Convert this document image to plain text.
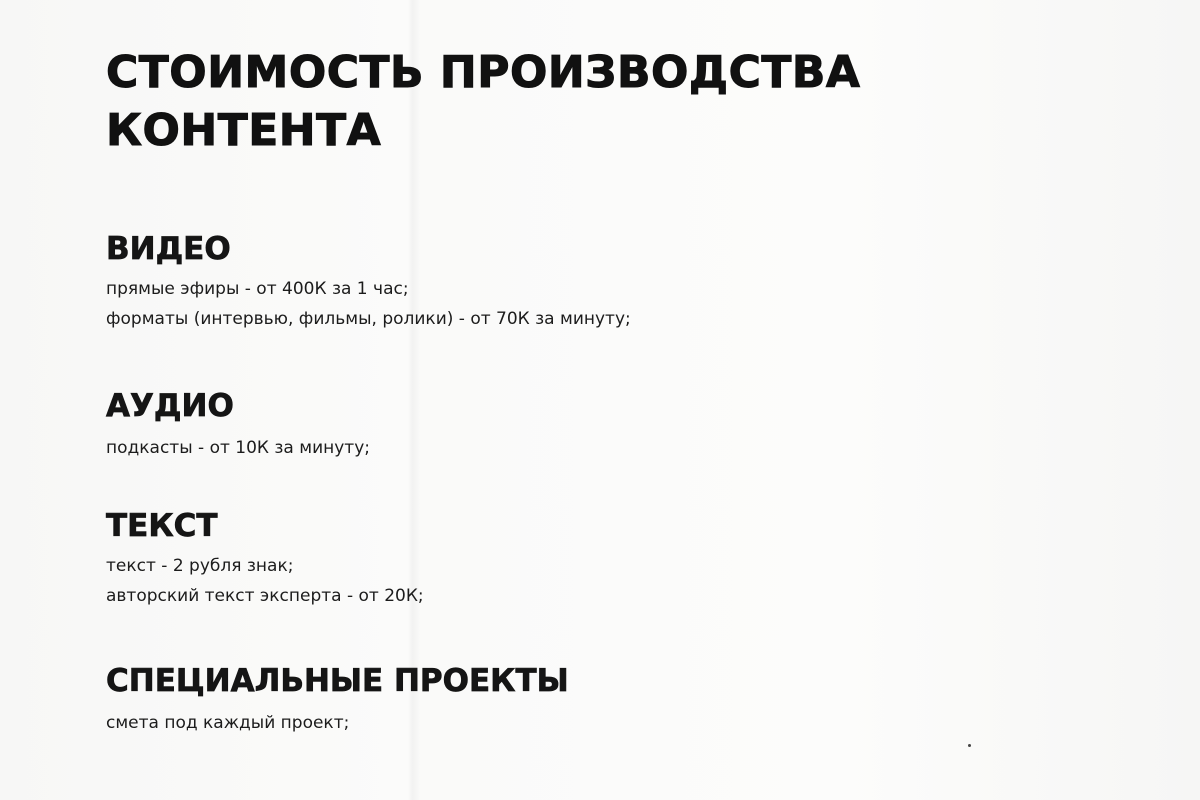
СТОИМОСТЬ ПРОИЗВОДСТВА
КОНТЕНТА
ВИДЕО

прямые эфиры - от 400К за 1 час;

форматы (интервью, фильмы, ролики) - от 70К за минуту;

АУДИО

подкасты - от 10К за минуту;

ТЕКСТ

текст - 2 рубля знак;

авторский текст эксперта - от 20К;

СПЕЦИАЛЬНЫЕ ПРОЕКТЫ

смета под каждый проект;
